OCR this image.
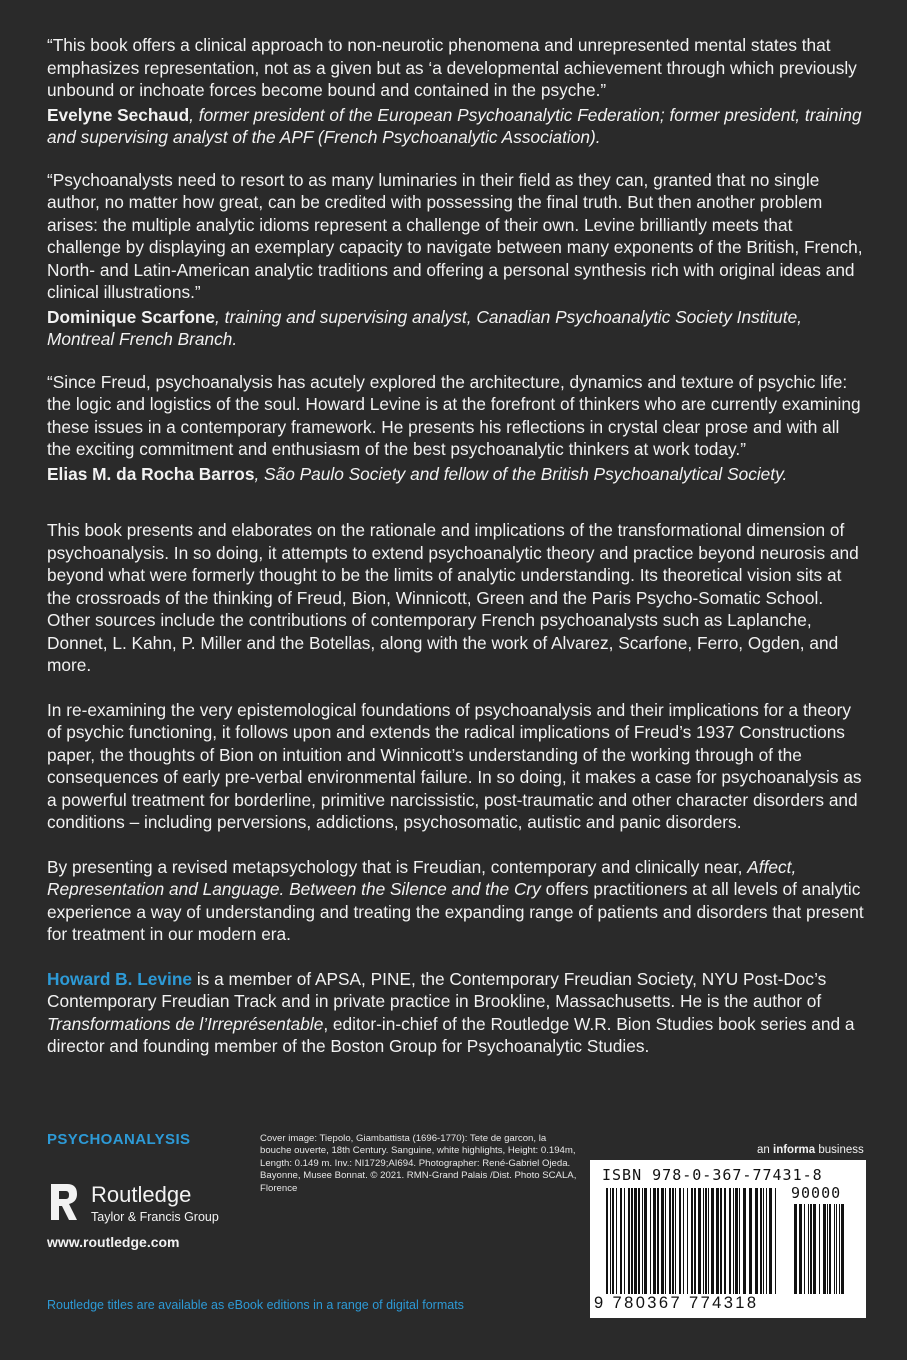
“This book offers a clinical approach to non-neurotic phenomena and unrepresented mental states that emphasizes representation, not as a given but as ‘a developmental achievement through which previously unbound or inchoate forces become bound and contained in the psyche.”

Evelyne Sechaud, former president of the European Psychoanalytic Federation; former president, training and supervising analyst of the APF (French Psychoanalytic Association).

“Psychoanalysts need to resort to as many luminaries in their field as they can, granted that no single author, no matter how great, can be credited with possessing the final truth. But then another problem arises: the multiple analytic idioms represent a challenge of their own. Levine brilliantly meets that challenge by displaying an exemplary capacity to navigate between many exponents of the British, French, North- and Latin-American analytic traditions and offering a personal synthesis rich with original ideas and clinical illustrations.”

Dominique Scarfone, training and supervising analyst, Canadian Psychoanalytic Society Institute, Montreal French Branch.

“Since Freud, psychoanalysis has acutely explored the architecture, dynamics and texture of psychic life: the logic and logistics of the soul. Howard Levine is at the forefront of thinkers who are currently examining these issues in a contemporary framework. He presents his reflections in crystal clear prose and with all the exciting commitment and enthusiasm of the best psychoanalytic thinkers at work today.”

Elias M. da Rocha Barros, São Paulo Society and fellow of the British Psychoanalytical Society.

This book presents and elaborates on the rationale and implications of the transformational dimension of psychoanalysis. In so doing, it attempts to extend psychoanalytic theory and practice beyond neurosis and beyond what were formerly thought to be the limits of analytic understanding. Its theoretical vision sits at the crossroads of the thinking of Freud, Bion, Winnicott, Green and the Paris Psycho-Somatic School. Other sources include the contributions of contemporary French psychoanalysts such as Laplanche, Donnet, L. Kahn, P. Miller and the Botellas, along with the work of Alvarez, Scarfone, Ferro, Ogden, and more.

In re-examining the very epistemological foundations of psychoanalysis and their implications for a theory of psychic functioning, it follows upon and extends the radical implications of Freud’s 1937 Constructions paper, the thoughts of Bion on intuition and Winnicott’s understanding of the working through of the consequences of early pre-verbal environmental failure. In so doing, it makes a case for psychoanalysis as a powerful treatment for borderline, primitive narcissistic, post-traumatic and other character disorders and conditions – including perversions, addictions, psychosomatic, autistic and panic disorders.

By presenting a revised metapsychology that is Freudian, contemporary and clinically near, Affect, Representation and Language. Between the Silence and the Cry offers practitioners at all levels of analytic experience a way of understanding and treating the expanding range of patients and disorders that present for treatment in our modern era.

Howard B. Levine is a member of APSA, PINE, the Contemporary Freudian Society, NYU Post-Doc’s Contemporary Freudian Track and in private practice in Brookline, Massachusetts. He is the author of Transformations de l’Irreprésentable, editor-in-chief of the Routledge W.R. Bion Studies book series and a director and founding member of the Boston Group for Psychoanalytic Studies.

PSYCHOANALYSIS
Routledge
Taylor & Francis Group
www.routledge.com
Cover image: Tiepolo, Giambattista (1696-1770): Tete de garcon, la bouche ouverte, 18th Century. Sanguine, white highlights, Height: 0.194m, Length: 0.149 m. Inv.: NI1729;AI694. Photographer: René-Gabriel Ojeda. Bayonne, Musee Bonnat. © 2021. RMN-Grand Palais /Dist. Photo SCALA, Florence
an informa business
ISBN 978-0-367-77431-8
90000
9 780367 774318
Routledge titles are available as eBook editions in a range of digital formats
